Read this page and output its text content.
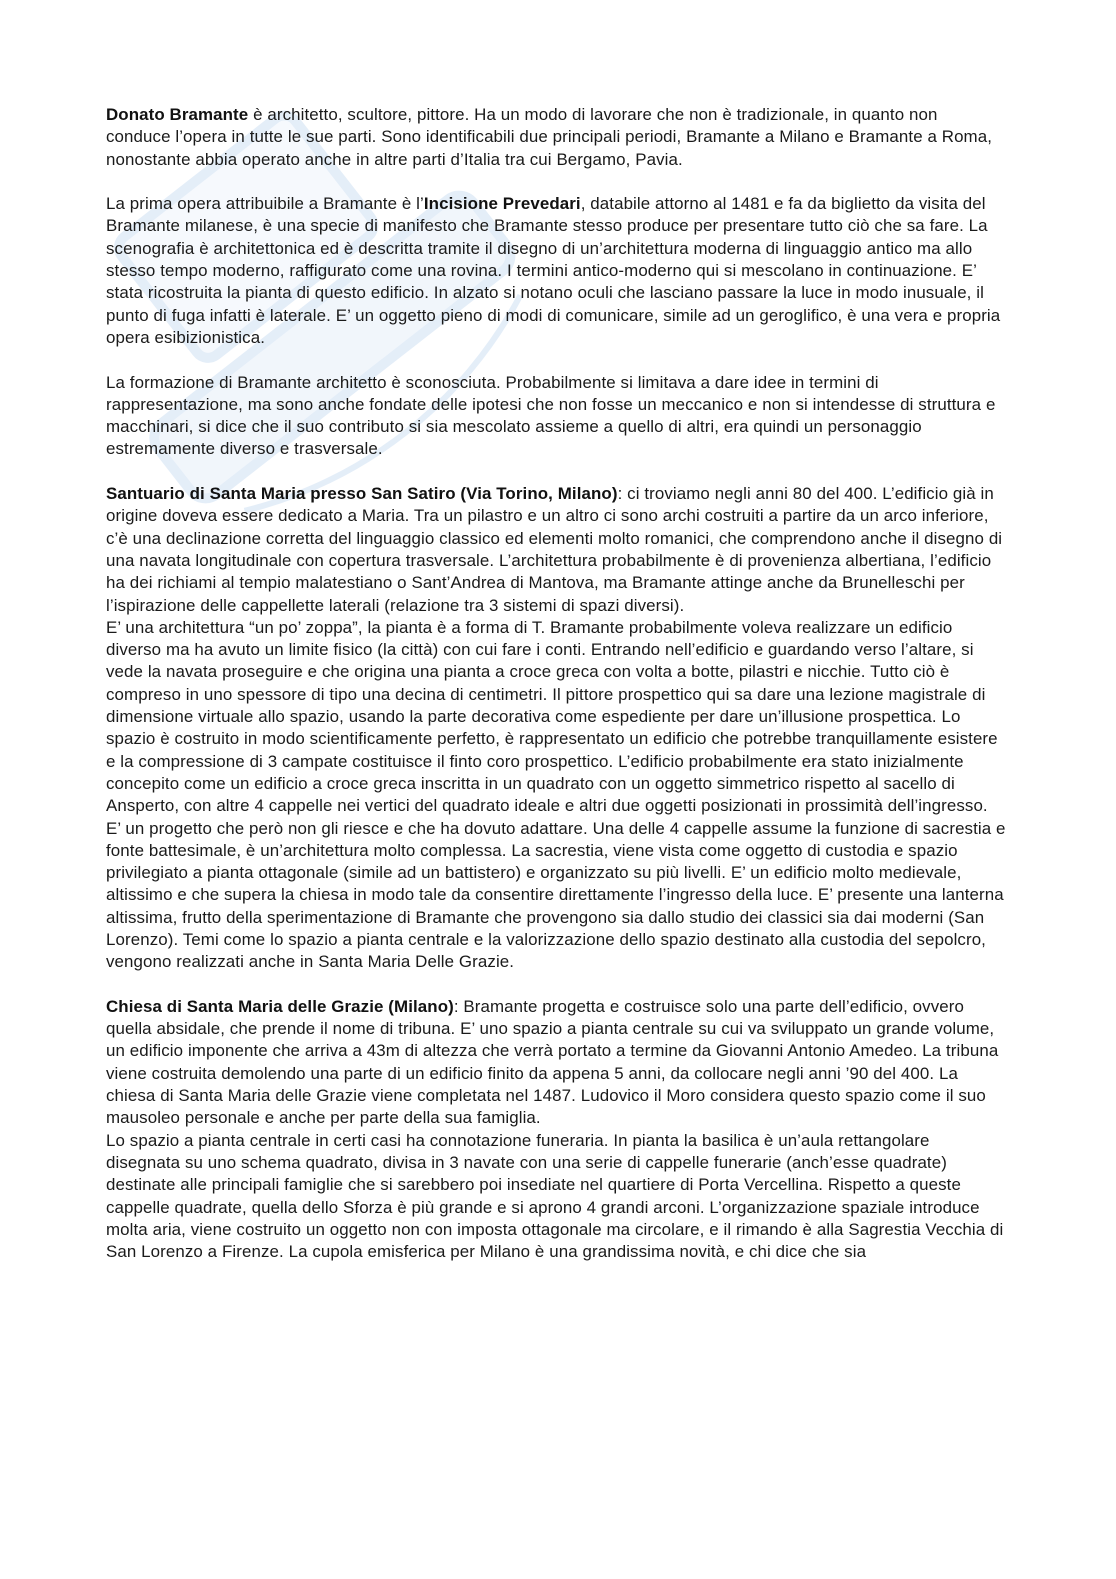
Donato Bramante è architetto, scultore, pittore. Ha un modo di lavorare che non è tradizionale, in quanto non conduce l’opera in tutte le sue parti. Sono identificabili due principali periodi, Bramante a Milano e Bramante a Roma, nonostante abbia operato anche in altre parti d’Italia tra cui Bergamo, Pavia.

La prima opera attribuibile a Bramante è l’Incisione Prevedari, databile attorno al 1481 e fa da biglietto da visita del Bramante milanese, è una specie di manifesto che Bramante stesso produce per presentare tutto ciò che sa fare. La scenografia è architettonica ed è descritta tramite il disegno di un’architettura moderna di linguaggio antico ma allo stesso tempo moderno, raffigurato come una rovina. I termini antico-moderno qui si mescolano in continuazione. E’ stata ricostruita la pianta di questo edificio. In alzato si notano oculi che lasciano passare la luce in modo inusuale, il punto di fuga infatti è laterale. E’ un oggetto pieno di modi di comunicare, simile ad un geroglifico, è una vera e propria opera esibizionistica.

La formazione di Bramante architetto è sconosciuta. Probabilmente si limitava a dare idee in termini di rappresentazione, ma sono anche fondate delle ipotesi che non fosse un meccanico e non si intendesse di struttura e macchinari, si dice che il suo contributo si sia mescolato assieme a quello di altri, era quindi un personaggio estremamente diverso e trasversale.

Santuario di Santa Maria presso San Satiro (Via Torino, Milano): ci troviamo negli anni 80 del 400. L’edificio già in origine doveva essere dedicato a Maria. Tra un pilastro e un altro ci sono archi costruiti a partire da un arco inferiore, c’è una declinazione corretta del linguaggio classico ed elementi molto romanici, che comprendono anche il disegno di una navata longitudinale con copertura trasversale. L’architettura probabilmente è di provenienza albertiana, l’edificio ha dei richiami al tempio malatestiano o Sant’Andrea di Mantova, ma Bramante attinge anche da Brunelleschi per l’ispirazione delle cappellette laterali (relazione tra 3 sistemi di spazi diversi).

E’ una architettura “un po’ zoppa”, la pianta è a forma di T. Bramante probabilmente voleva realizzare un edificio diverso ma ha avuto un limite fisico (la città) con cui fare i conti. Entrando nell’edificio e guardando verso l’altare, si vede la navata proseguire e che origina una pianta a croce greca con volta a botte, pilastri e nicchie. Tutto ciò è compreso in uno spessore di tipo una decina di centimetri. Il pittore prospettico qui sa dare una lezione magistrale di dimensione virtuale allo spazio, usando la parte decorativa come espediente per dare un’illusione prospettica. Lo spazio è costruito in modo scientificamente perfetto, è rappresentato un edificio che potrebbe tranquillamente esistere e la compressione di 3 campate costituisce il finto coro prospettico. L’edificio probabilmente era stato inizialmente concepito come un edificio a croce greca inscritta in un quadrato con un oggetto simmetrico rispetto al sacello di Ansperto, con altre 4 cappelle nei vertici del quadrato ideale e altri due oggetti posizionati in prossimità dell’ingresso. E’ un progetto che però non gli riesce e che ha dovuto adattare. Una delle 4 cappelle assume la funzione di sacrestia e fonte battesimale, è un’architettura molto complessa. La sacrestia, viene vista come oggetto di custodia e spazio privilegiato a pianta ottagonale (simile ad un battistero) e organizzato su più livelli. E’ un edificio molto medievale, altissimo e che supera la chiesa in modo tale da consentire direttamente l’ingresso della luce. E’ presente una lanterna altissima, frutto della sperimentazione di Bramante che provengono sia dallo studio dei classici sia dai moderni (San Lorenzo). Temi come lo spazio a pianta centrale e la valorizzazione dello spazio destinato alla custodia del sepolcro, vengono realizzati anche in Santa Maria Delle Grazie.

Chiesa di Santa Maria delle Grazie (Milano): Bramante progetta e costruisce solo una parte dell’edificio, ovvero quella absidale, che prende il nome di tribuna. E’ uno spazio a pianta centrale su cui va sviluppato un grande volume, un edificio imponente che arriva a 43m di altezza che verrà portato a termine da Giovanni Antonio Amedeo. La tribuna viene costruita demolendo una parte di un edificio finito da appena 5 anni, da collocare negli anni ’90 del 400. La chiesa di Santa Maria delle Grazie viene completata nel 1487. Ludovico il Moro considera questo spazio come il suo mausoleo personale e anche per parte della sua famiglia.

Lo spazio a pianta centrale in certi casi ha connotazione funeraria. In pianta la basilica è un’aula rettangolare disegnata su uno schema quadrato, divisa in 3 navate con una serie di cappelle funerarie (anch’esse quadrate) destinate alle principali famiglie che si sarebbero poi insediate nel quartiere di Porta Vercellina. Rispetto a queste cappelle quadrate, quella dello Sforza è più grande e si aprono 4 grandi arconi. L’organizzazione spaziale introduce molta aria, viene costruito un oggetto non con imposta ottagonale ma circolare, e il rimando è alla Sagrestia Vecchia di San Lorenzo a Firenze. La cupola emisferica per Milano è una grandissima novità, e chi dice che sia
